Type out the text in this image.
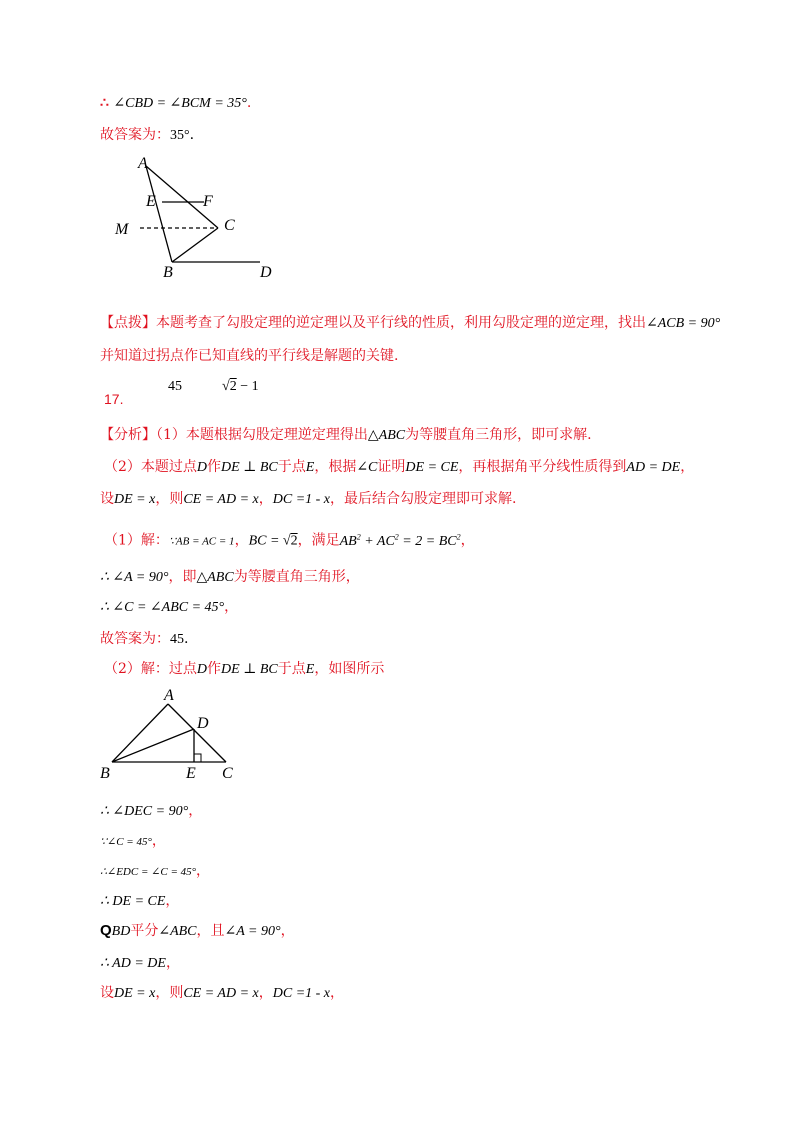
∴ ∠CBD = ∠BCM = 35°.
故答案为：35°.
A
E	F
M	C
B	D
【点拨】本题考查了勾股定理的逆定理以及平行线的性质，利用勾股定理的逆定理，找出∠ACB = 90°
并知道过拐点作已知直线的平行线是解题的关键.
17.
45	√2 − 1
【分析】（1）本题根据勾股定理逆定理得出△ABC为等腰直角三角形，即可求解.
（2）本题过点D作DE ⊥ BC于点E，根据∠C证明DE = CE，再根据角平分线性质得到AD = DE，
设DE = x，则CE = AD = x，DC =1 - x，最后结合勾股定理即可求解.
（1）解：∵AB = AC = 1，BC = √2，满足$AB^2 + AC^2 = 2 = BC^2$，
∴ ∠A = 90°，即△ABC为等腰直角三角形，
∴ ∠C = ∠ABC = 45°，
故答案为：45.
（2）解：过点D作DE ⊥ BC于点E，如图所示
A
D
B	E C
∴ ∠DEC = 90°，
∵∠C = 45°，
∴∠EDC = ∠C = 45°，
∴ DE = CE，
QBD平分∠ABC，且∠A = 90°，
∴ AD = DE，
设DE = x，则CE = AD = x，DC =1 - x，
